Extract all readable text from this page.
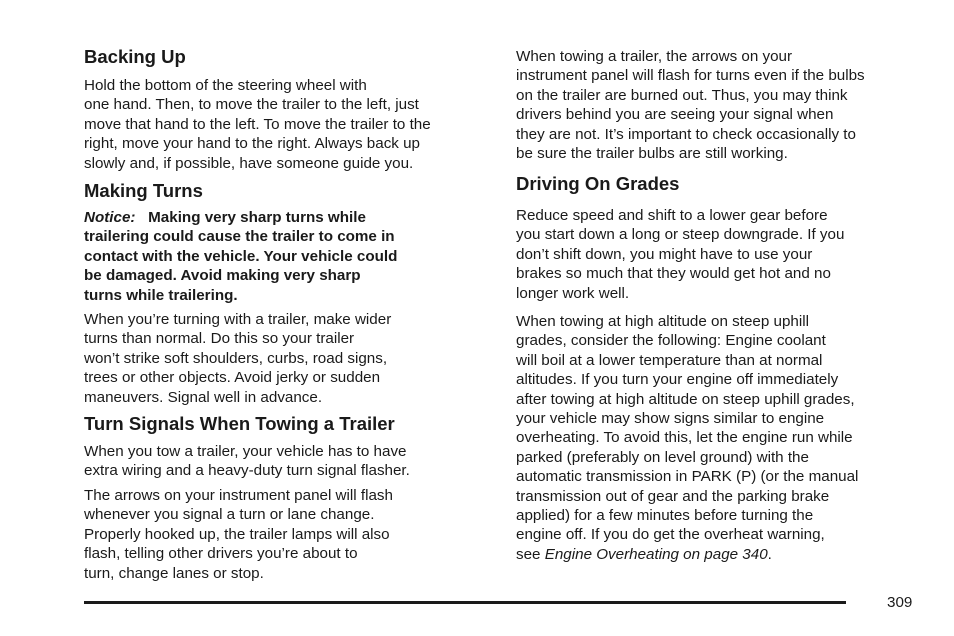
Backing Up

Hold the bottom of the steering wheel with
one hand. Then, to move the trailer to the left, just
move that hand to the left. To move the trailer to the
right, move your hand to the right. Always back up
slowly and, if possible, have someone guide you.

Making Turns

Notice: Making very sharp turns while
trailering could cause the trailer to come in
contact with the vehicle. Your vehicle could
be damaged. Avoid making very sharp
turns while trailering.

When you’re turning with a trailer, make wider
turns than normal. Do this so your trailer
won’t strike soft shoulders, curbs, road signs,
trees or other objects. Avoid jerky or sudden
maneuvers. Signal well in advance.

Turn Signals When Towing a Trailer

When you tow a trailer, your vehicle has to have
extra wiring and a heavy-duty turn signal flasher.

The arrows on your instrument panel will flash
whenever you signal a turn or lane change.
Properly hooked up, the trailer lamps will also
flash, telling other drivers you’re about to
turn, change lanes or stop.

When towing a trailer, the arrows on your
instrument panel will flash for turns even if the bulbs
on the trailer are burned out. Thus, you may think
drivers behind you are seeing your signal when
they are not. It’s important to check occasionally to
be sure the trailer bulbs are still working.

Driving On Grades

Reduce speed and shift to a lower gear before
you start down a long or steep downgrade. If you
don’t shift down, you might have to use your
brakes so much that they would get hot and no
longer work well.

When towing at high altitude on steep uphill
grades, consider the following: Engine coolant
will boil at a lower temperature than at normal
altitudes. If you turn your engine off immediately
after towing at high altitude on steep uphill grades,
your vehicle may show signs similar to engine
overheating. To avoid this, let the engine run while
parked (preferably on level ground) with the
automatic transmission in PARK (P) (or the manual
transmission out of gear and the parking brake
applied) for a few minutes before turning the
engine off. If you do get the overheat warning,
see Engine Overheating on page 340.

309
